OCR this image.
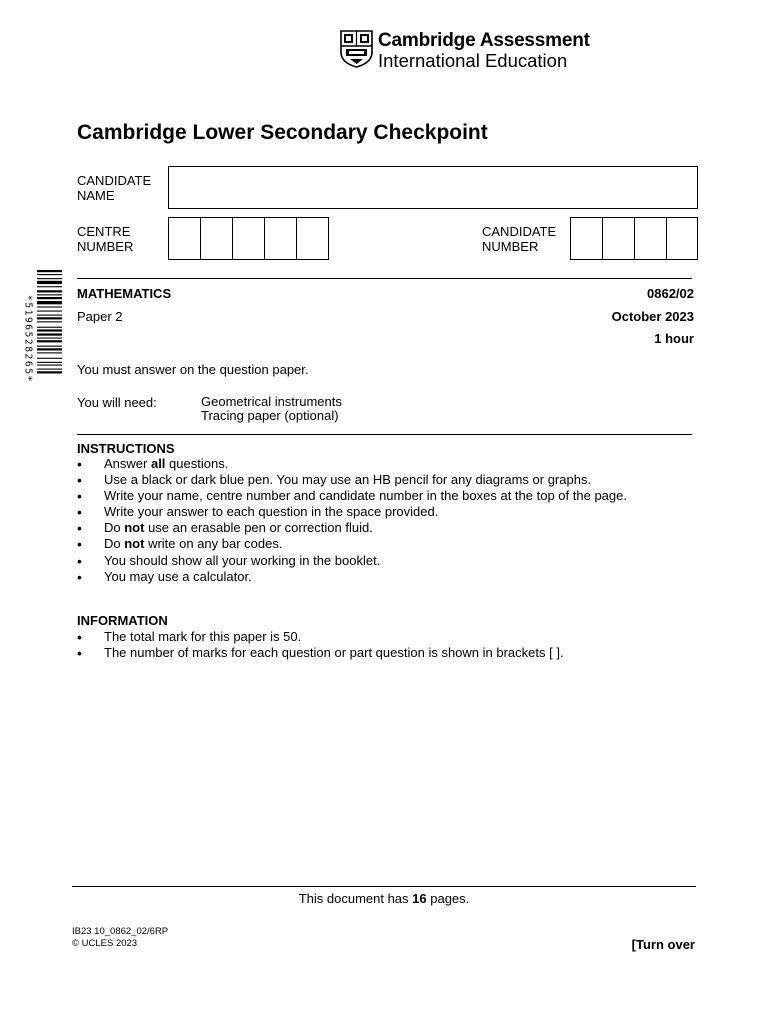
Cambridge Assessment
International Education
Cambridge Lower Secondary Checkpoint
CANDIDATE
NAME
CENTRE
NUMBER
CANDIDATE
NUMBER
*5196528265*
MATHEMATICS	0862/02
Paper 2	October 2023
1 hour
You must answer on the question paper.
You will need:	Geometrical instruments
Tracing paper (optional)
INSTRUCTIONS
• Answer all questions.
• Use a black or dark blue pen. You may use an HB pencil for any diagrams or graphs.
• Write your name, centre number and candidate number in the boxes at the top of the page.
• Write your answer to each question in the space provided.
• Do not use an erasable pen or correction fluid.
• Do not write on any bar codes.
• You should show all your working in the booklet.
• You may use a calculator.
INFORMATION
• The total mark for this paper is 50.
• The number of marks for each question or part question is shown in brackets [ ].
This document has 16 pages.
IB23 10_0862_02/6RP
© UCLES 2023	[Turn over
